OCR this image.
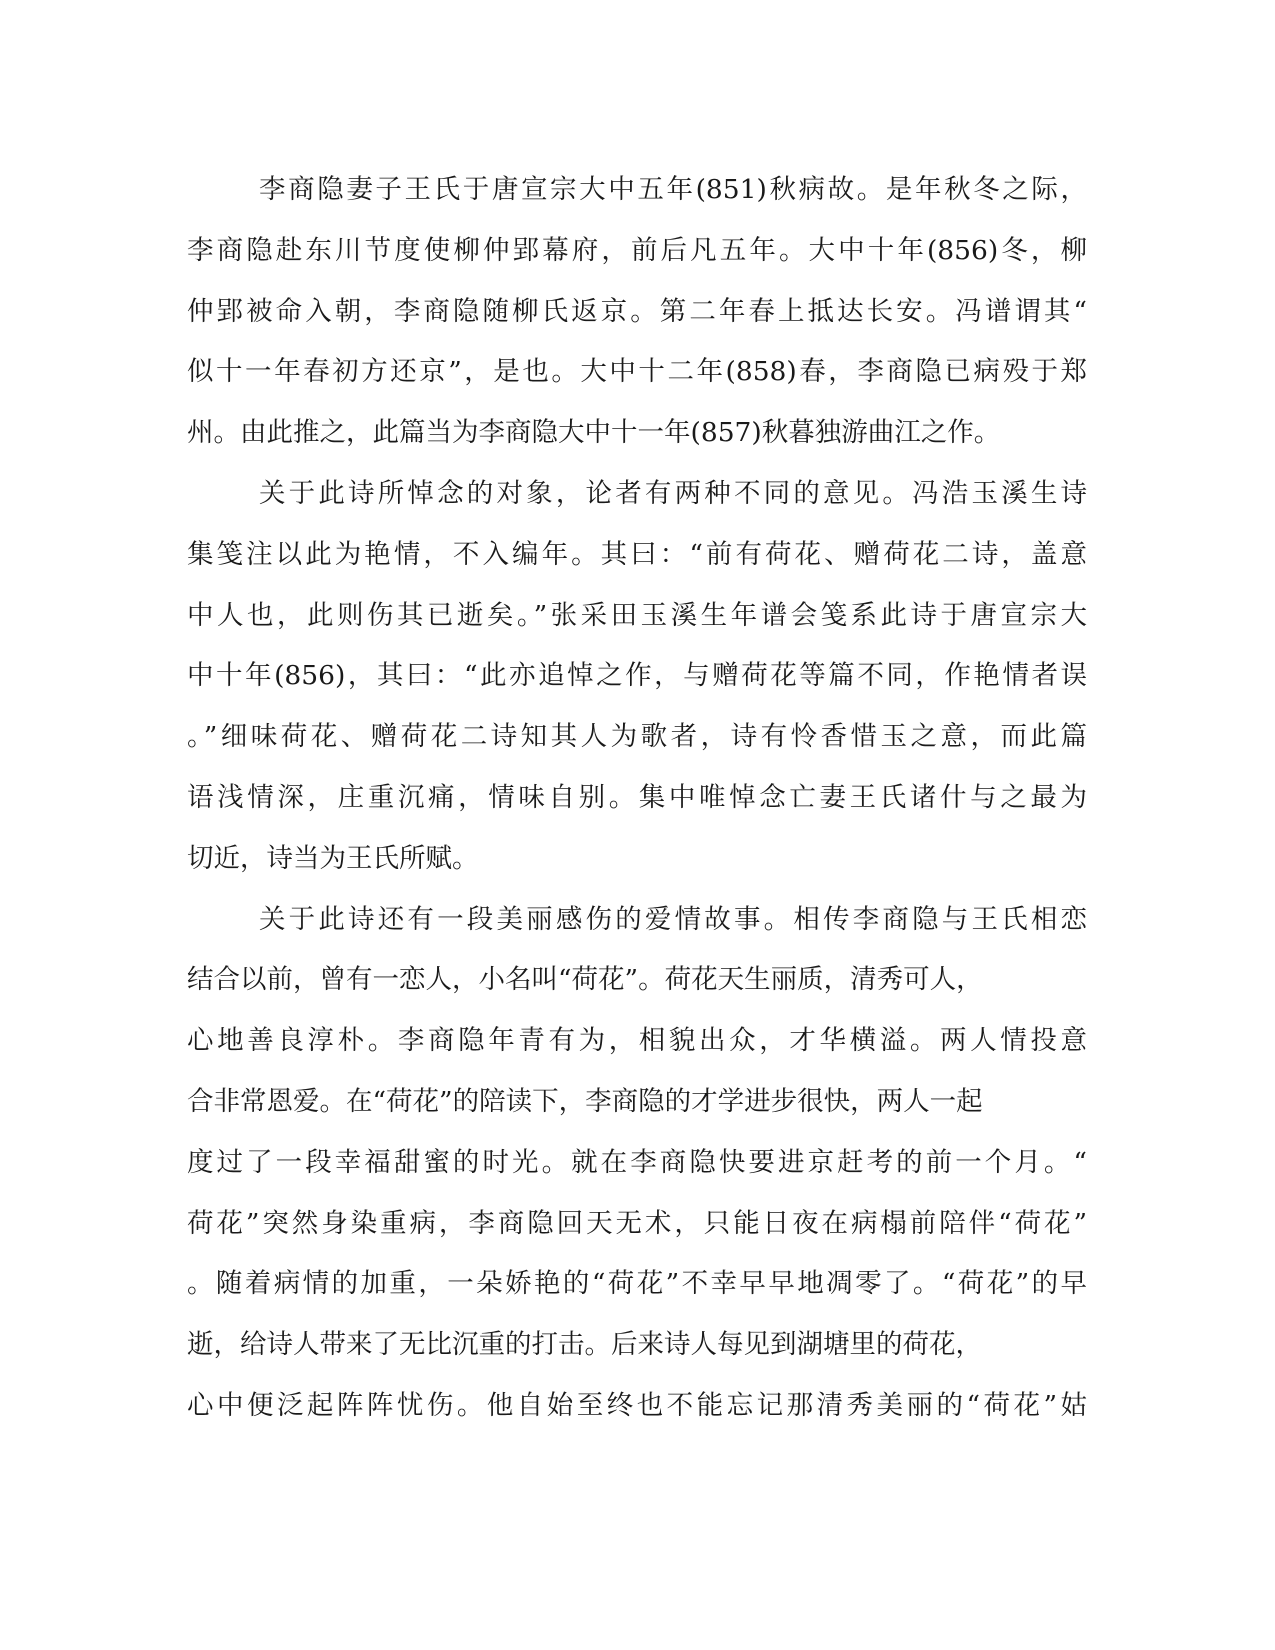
李商隐妻子王氏于唐宣宗大中五年(851)秋病故。是年秋冬之际，
李商隐赴东川节度使柳仲郢幕府，前后凡五年。大中十年(856)冬，柳
仲郢被命入朝，李商隐随柳氏返京。第二年春上抵达长安。冯谱谓其“
似十一年春初方还京”，是也。大中十二年(858)春，李商隐已病殁于郑
州。由此推之，此篇当为李商隐大中十一年(857)秋暮独游曲江之作。
关于此诗所悼念的对象，论者有两种不同的意见。冯浩玉溪生诗
集笺注以此为艳情，不入编年。其曰：“前有荷花、赠荷花二诗，盖意
中人也，此则伤其已逝矣。”张采田玉溪生年谱会笺系此诗于唐宣宗大
中十年(856)，其曰：“此亦追悼之作，与赠荷花等篇不同，作艳情者误
。”细味荷花、赠荷花二诗知其人为歌者，诗有怜香惜玉之意，而此篇
语浅情深，庄重沉痛，情味自别。集中唯悼念亡妻王氏诸什与之最为
切近，诗当为王氏所赋。
关于此诗还有一段美丽感伤的爱情故事。相传李商隐与王氏相恋
结合以前，曾有一恋人，小名叫“荷花”。荷花天生丽质，清秀可人，
心地善良淳朴。李商隐年青有为，相貌出众，才华横溢。两人情投意
合非常恩爱。在“荷花”的陪读下，李商隐的才学进步很快，两人一起
度过了一段幸福甜蜜的时光。就在李商隐快要进京赶考的前一个月。“
荷花”突然身染重病，李商隐回天无术，只能日夜在病榻前陪伴“荷花”
。随着病情的加重，一朵娇艳的“荷花”不幸早早地凋零了。“荷花”的早
逝，给诗人带来了无比沉重的打击。后来诗人每见到湖塘里的荷花，
心中便泛起阵阵忧伤。他自始至终也不能忘记那清秀美丽的“荷花”姑
